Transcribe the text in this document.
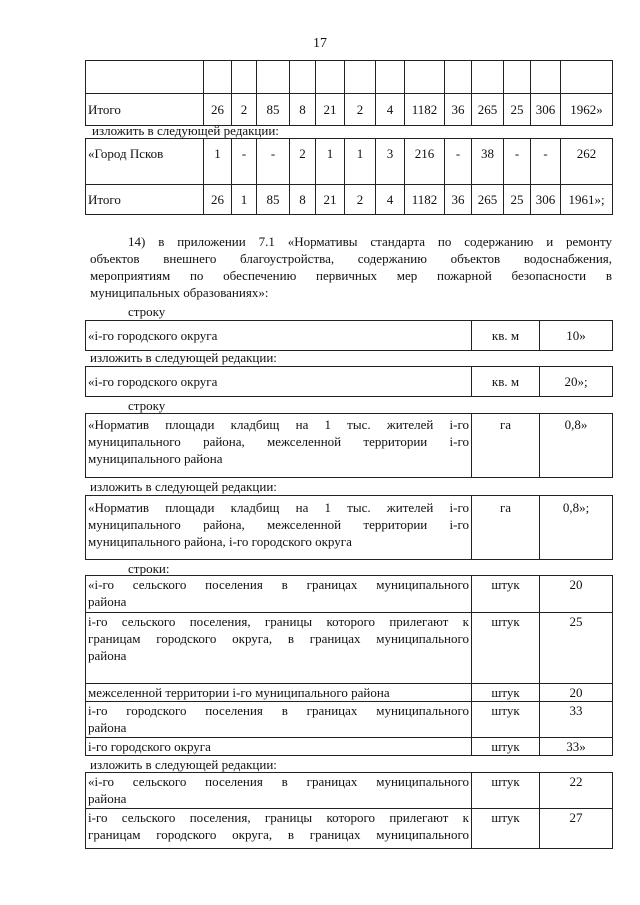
17

Итого	26	2	85	8	21	2	4	1182	36	265	25	306	1962»
изложить в следующей редакции:
«Город Псков	1	-	-	2	1	1	3	216	-	38	-	-	262
Итого	26	1	85	8	21	2	4	1182	36	265	25	306	1961»;
14) в приложении 7.1 «Нормативы стандарта по содержанию и ремонту
объектов внешнего благоустройства, содержанию объектов водоснабжения,
мероприятиям по обеспечению первичных мер пожарной безопасности в
муниципальных образованиях»:
строку
«i-го городского округа	кв. м	10»
изложить в следующей редакции:
«i-го городского округа	кв. м	20»;
строку
«Норматив площади кладбищ на 1 тыс. жителей i-го
муниципального района, межселенной территории i-го
муниципального района
	га	0,8»
изложить в следующей редакции:
«Норматив площади кладбищ на 1 тыс. жителей i-го
муниципального района, межселенной территории i-го
муниципального района, i-го городского округа
	га	0,8»;
строки:
«i-го сельского поселения в границах муниципального
района	штук	20

i-го сельского поселения, границы которого прилегают к
границам городского округа, в границах муниципального
района	штук	25
межселенной территории i-го муниципального района	штук	20

i-го городского поселения в границах муниципального
района	штук	33
i-го городского округа	штук	33»
изложить в следующей редакции:
«i-го сельского поселения в границах муниципального
района	штук	22

i-го сельского поселения, границы которого прилегают к
границам городского округа, в границах муниципального	штук	27
